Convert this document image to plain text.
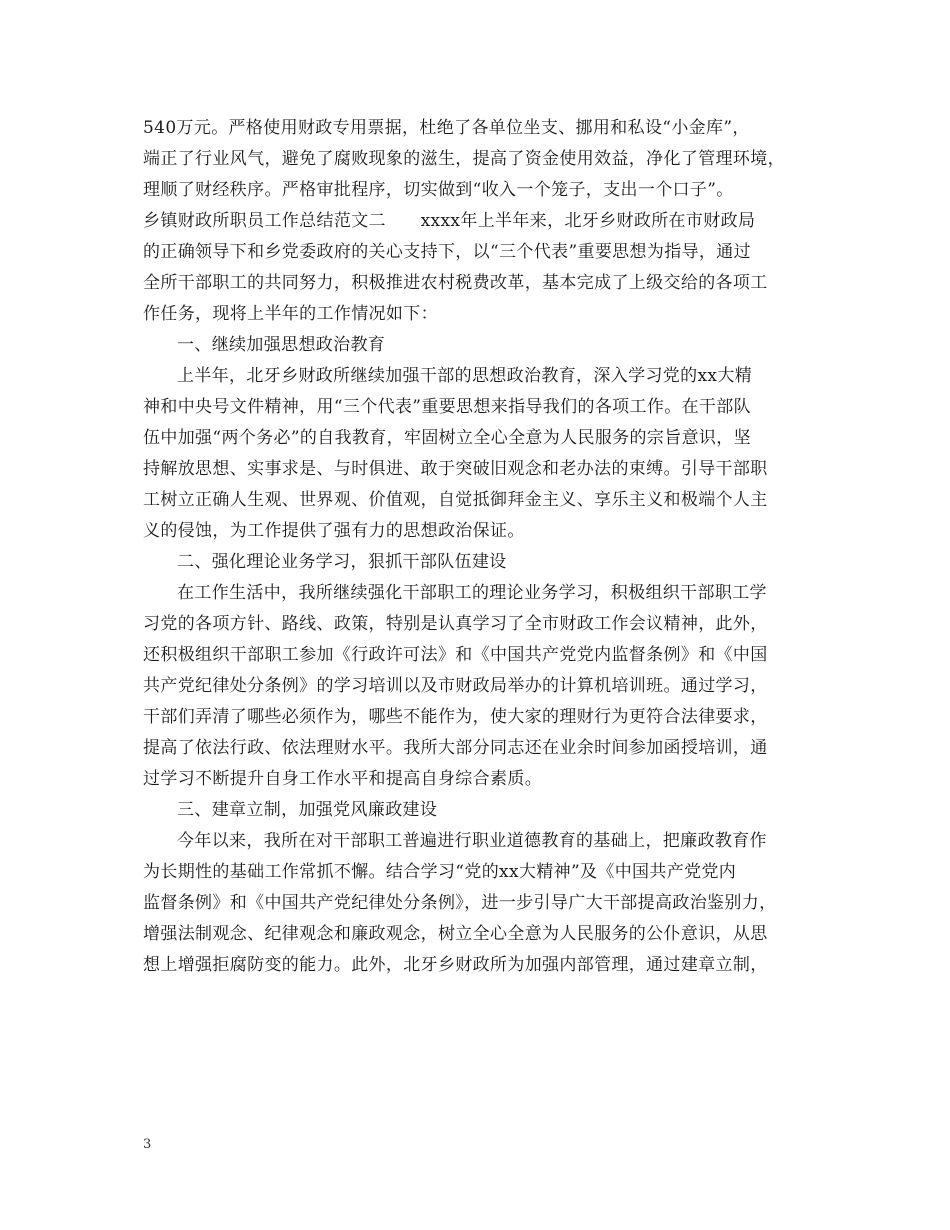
540万元。严格使用财政专用票据，杜绝了各单位坐支、挪用和私设“小金库”，
端正了行业风气，避免了腐败现象的滋生，提高了资金使用效益，净化了管理环境，
理顺了财经秩序。严格审批程序，切实做到“收入一个笼子，支出一个口子”。
乡镇财政所职员工作总结范文二　　xxxx年上半年来，北牙乡财政所在市财政局
的正确领导下和乡党委政府的关心支持下，以“三个代表”重要思想为指导，通过
全所干部职工的共同努力，积极推进农村税费改革，基本完成了上级交给的各项工
作任务，现将上半年的工作情况如下：
一、继续加强思想政治教育
上半年，北牙乡财政所继续加强干部的思想政治教育，深入学习党的xx大精
神和中央号文件精神，用“三个代表”重要思想来指导我们的各项工作。在干部队
伍中加强“两个务必”的自我教育，牢固树立全心全意为人民服务的宗旨意识，坚
持解放思想、实事求是、与时俱进、敢于突破旧观念和老办法的束缚。引导干部职
工树立正确人生观、世界观、价值观，自觉抵御拜金主义、享乐主义和极端个人主
义的侵蚀，为工作提供了强有力的思想政治保证。
二、强化理论业务学习，狠抓干部队伍建设
在工作生活中，我所继续强化干部职工的理论业务学习，积极组织干部职工学
习党的各项方针、路线、政策，特别是认真学习了全市财政工作会议精神，此外，
还积极组织干部职工参加《行政许可法》和《中国共产党党内监督条例》和《中国
共产党纪律处分条例》的学习培训以及市财政局举办的计算机培训班。通过学习，
干部们弄清了哪些必须作为，哪些不能作为，使大家的理财行为更符合法律要求，
提高了依法行政、依法理财水平。我所大部分同志还在业余时间参加函授培训，通
过学习不断提升自身工作水平和提高自身综合素质。
三、建章立制，加强党风廉政建设
今年以来，我所在对干部职工普遍进行职业道德教育的基础上，把廉政教育作
为长期性的基础工作常抓不懈。结合学习“党的xx大精神”及《中国共产党党内
监督条例》和《中国共产党纪律处分条例》，进一步引导广大干部提高政治鉴别力，
增强法制观念、纪律观念和廉政观念，树立全心全意为人民服务的公仆意识，从思
想上增强拒腐防变的能力。此外，北牙乡财政所为加强内部管理，通过建章立制，
3
